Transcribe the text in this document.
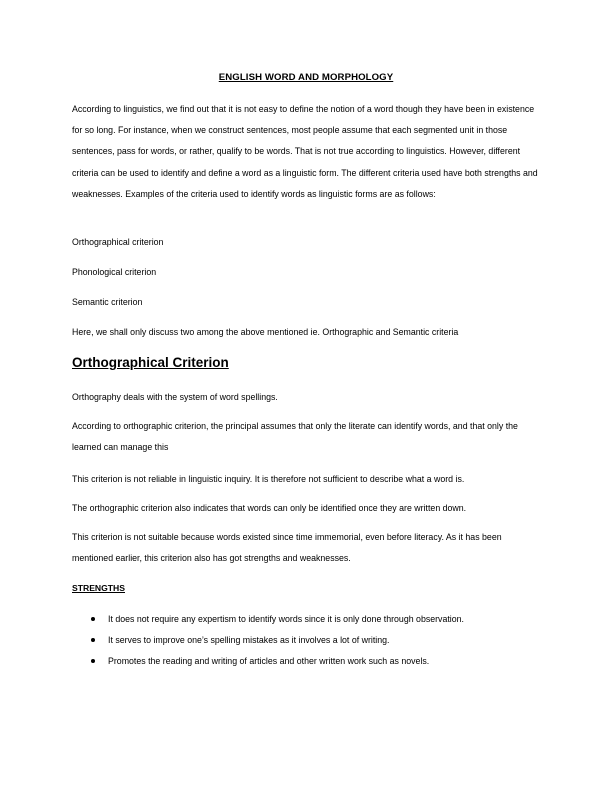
ENGLISH WORD AND MORPHOLOGY

According to linguistics, we find out that it is not easy to define the notion of a word though they have been in existence for so long. For instance, when we construct sentences, most people assume that each segmented unit in those sentences, pass for words, or rather, qualify to be words. That is not true according to linguistics. However, different criteria can be used to identify and define a word as a linguistic form. The different criteria used have both strengths and weaknesses. Examples of the criteria used to identify words as linguistic forms are as follows:

Orthographical criterion

Phonological criterion

Semantic criterion

Here, we shall only discuss two among the above mentioned ie. Orthographic and Semantic criteria

Orthographical Criterion

Orthography deals with the system of word spellings.

According to orthographic criterion, the principal assumes that only the literate can identify words, and that only the learned can manage this

This criterion is not reliable in linguistic inquiry. It is therefore not sufficient to describe what a word is.

The orthographic criterion also indicates that words can only be identified once they are written down.

This criterion is not suitable because words existed since time immemorial, even before literacy. As it has been mentioned earlier, this criterion also has got strengths and weaknesses.

STRENGTHS
It does not require any expertism to identify words since it is only done through observation.
It serves to improve one’s spelling mistakes as it involves a lot of writing.
Promotes the reading and writing of articles and other written work such as novels.
